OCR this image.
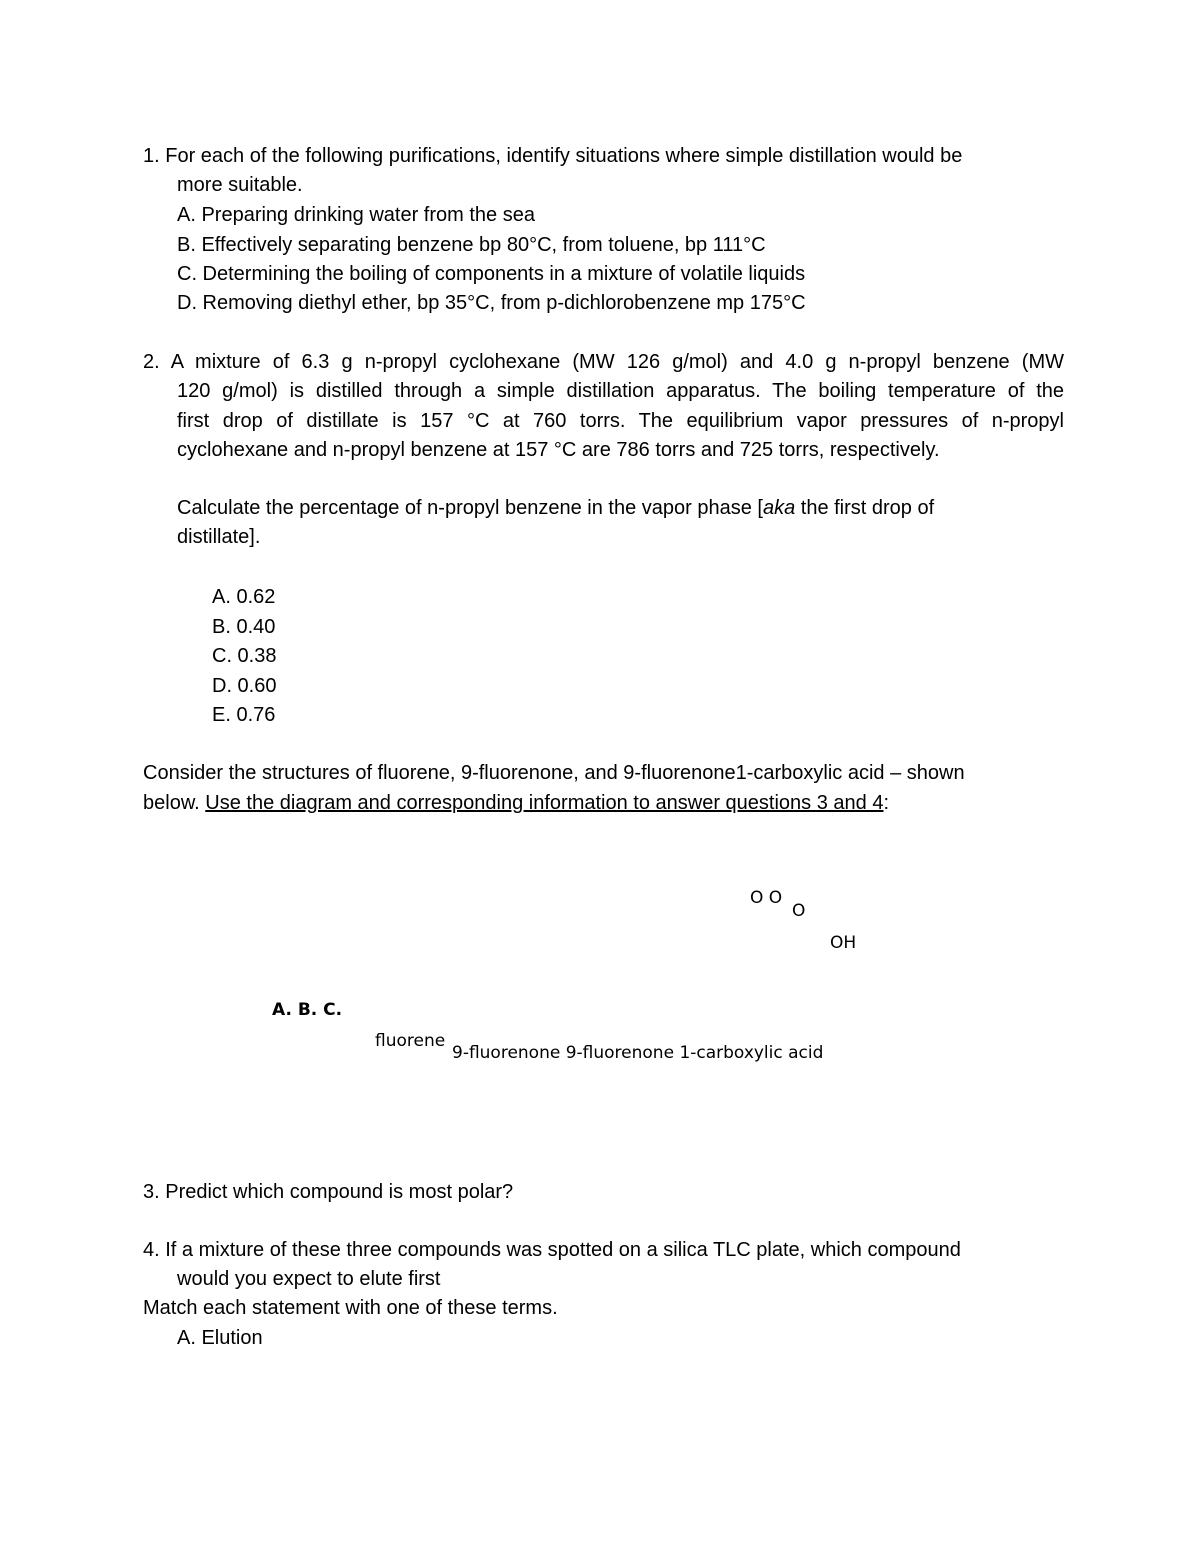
1. For each of the following purifications, identify situations where simple distillation would be
more suitable.
A. Preparing drinking water from the sea
B. Effectively separating benzene bp 80°C, from toluene, bp 111°C
C. Determining the boiling of components in a mixture of volatile liquids
D. Removing diethyl ether, bp 35°C, from p-dichlorobenzene mp 175°C
2. A mixture of 6.3 g n-propyl cyclohexane (MW 126 g/mol) and 4.0 g n-propyl benzene (MW
120 g/mol) is distilled through a simple distillation apparatus. The boiling temperature of the
first drop of distillate is 157 °C at 760 torrs. The equilibrium vapor pressures of n-propyl
cyclohexane and n-propyl benzene at 157 °C are 786 torrs and 725 torrs, respectively.
Calculate the percentage of n-propyl benzene in the vapor phase [aka the first drop of
distillate].
A. 0.62
B. 0.40
C. 0.38
D. 0.60
E. 0.76
Consider the structures of fluorene, 9-fluorenone, and 9-fluorenone1-carboxylic acid – shown
below. Use the diagram and corresponding information to answer questions 3 and 4:
O O
O
OH
A. B. C.
fluorene
9-fluorenone 9-fluorenone 1-carboxylic acid
3. Predict which compound is most polar?
4. If a mixture of these three compounds was spotted on a silica TLC plate, which compound
would you expect to elute first
Match each statement with one of these terms.
A. Elution
